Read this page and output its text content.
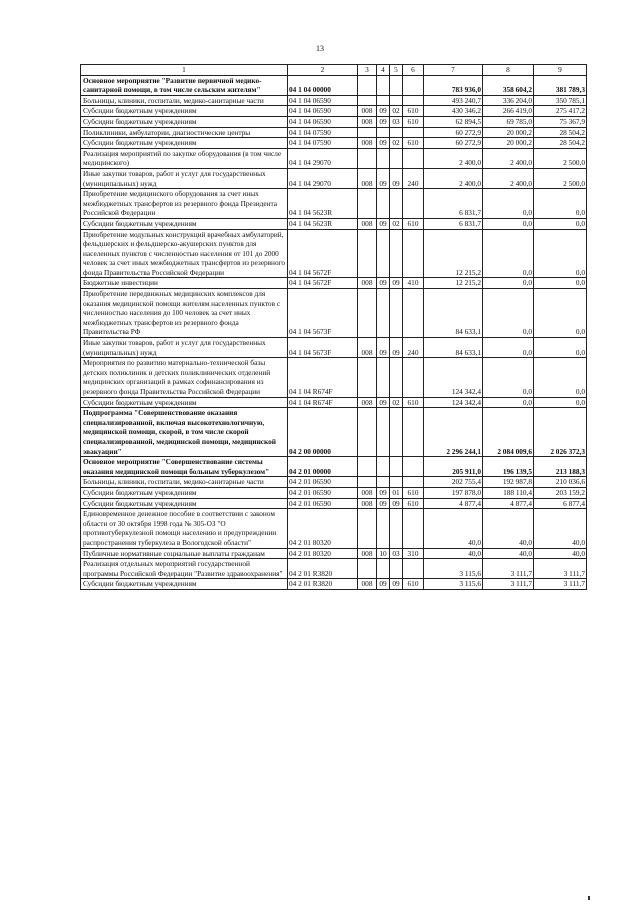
13
1	2	3	4	5	6	7	8	9
Основное мероприятие "Развитие первичной медико-санитарной помощи, в том числе сельским жителям"	04 1 04 00000					783 936,0	358 604,2	381 789,3
Больницы, клиники, госпитали, медико-санитарные части	04 1 04 06590					493 240,7	336 204,0	350 785,1
Субсидии бюджетным учреждениям	04 1 04 06590	008	09	02	610	430 346,2	266 419,0	275 417,2
Субсидии бюджетным учреждениям	04 1 04 06590	008	09	03	610	62 894,5	69 785,0	75 367,9
Поликлиники, амбулатории, диагностические центры	04 1 04 07590					60 272,9	20 000,2	28 504,2
Субсидии бюджетным учреждениям	04 1 04 07590	008	09	02	610	60 272,9	20 000,2	28 504,2
Реализация мероприятий по закупке оборудования (в том числе медицинского)	04 1 04 29070					2 400,0	2 400,0	2 500,0
Иные закупки товаров, работ и услуг для государственных (муниципальных) нужд	04 1 04 29070	008	09	09	240	2 400,0	2 400,0	2 500,0
Приобретение медицинского оборудования за счет иных межбюджетных трансфертов из резервного фонда Президента Российской Федерации	04 1 04 5623R					6 831,7	0,0	0,0
Субсидии бюджетным учреждениям	04 1 04 5623R	008	09	02	610	6 831,7	0,0	0,0
Приобретение модульных конструкций врачебных амбулаторий, фельдшерских и фельдшерско-акушерских пунктов для населенных пунктов с численностью населения от 101 до 2000 человек за счет иных межбюджетных трансфертов из резервного фонда Правительства Российской Федерации	04 1 04 5672F					12 215,2	0,0	0,0
Бюджетные инвестиции	04 1 04 5672F	008	09	09	410	12 215,2	0,0	0,0
Приобретение передвижных медицинских комплексов для оказания медицинской помощи жителям населенных пунктов с численностью населения до 100 человек за счет иных межбюджетных трансфертов из резервного фонда Правительства РФ	04 1 04 5673F					84 633,1	0,0	0,0
Иные закупки товаров, работ и услуг для государственных (муниципальных) нужд	04 1 04 5673F	008	09	09	240	84 633,1	0,0	0,0
Мероприятия по развитию материально-технической базы детских поликлиник и детских поликлинических отделений медицинских организаций в рамках софинансирования из резервного фонда Правительства Российской Федерации	04 1 04 R674F					124 342,4	0,0	0,0
Субсидии бюджетным учреждениям	04 1 04 R674F	008	09	02	610	124 342,4	0,0	0,0
Подпрограмма "Совершенствование оказания специализированной, включая высокотехнологичную, медицинской помощи, скорой, в том числе скорой специализированной, медицинской помощи, медицинской эвакуации"	04 2 00 00000					2 296 244,1	2 084 009,6	2 026 372,3
Основное мероприятие "Совершенствование системы оказания медицинской помощи больным туберкулезом"	04 2 01 00000					205 911,0	196 139,5	213 188,3
Больницы, клиники, госпитали, медико-санитарные части	04 2 01 06590					202 755,4	192 987,8	210 036,6
Субсидии бюджетным учреждениям	04 2 01 06590	008	09	01	610	197 878,0	188 110,4	203 159,2
Субсидии бюджетным учреждениям	04 2 01 06590	008	09	09	610	4 877,4	4 877,4	6 877,4
Единовременное денежное пособие в соответствии с законом области от 30 октября 1998 года № 305-ОЗ "О противотуберкулезной помощи населению и предупреждении распространения туберкулеза в Вологодской области"	04 2 01 80320					40,0	40,0	40,0
Публичные нормативные социальные выплаты гражданам	04 2 01 80320	008	10	03	310	40,0	40,0	40,0
Реализация отдельных мероприятий государственной программы Российской Федерации "Развитие здравоохранения"	04 2 01 R3820					3 115,6	3 111,7	3 111,7
Субсидии бюджетным учреждениям	04 2 01 R3820	008	09	09	610	3 115,6	3 111,7	3 111,7
